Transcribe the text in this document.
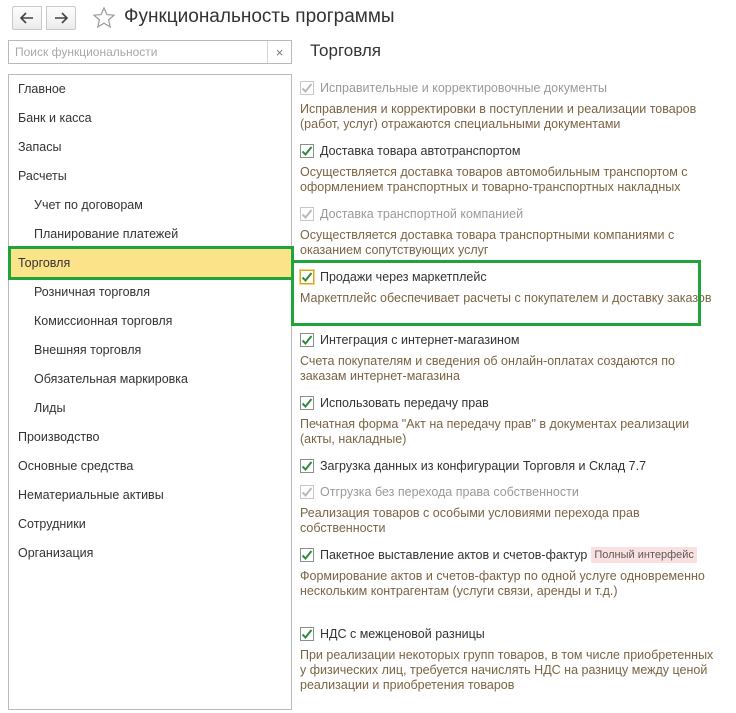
Функциональность программы
Поиск функциональности
×
Главное
Банк и касса
Запасы
Расчеты
Учет по договорам
Планирование платежей
Торговля
Розничная торговля
Комиссионная торговля
Внешняя торговля
Обязательная маркировка
Лиды
Производство
Основные средства
Нематериальные активы
Сотрудники
Организация
Торговля
Исправительные и корректировочные документы
Исправления и корректировки в поступлении и реализации товаров (работ, услуг) отражаются специальными документами
Доставка товара автотранспортом
Осуществляется доставка товаров автомобильным транспортом с оформлением транспортных и товарно-транспортных накладных
Доставка транспортной компанией
Осуществляется доставка товара транспортными компаниями с оказанием сопутствующих услуг
Продажи через маркетплейс
Маркетплейс обеспечивает расчеты с покупателем и доставку заказов
Интеграция с интернет-магазином
Счета покупателям и сведения об онлайн-оплатах создаются по заказам интернет-магазина
Использовать передачу прав
Печатная форма "Акт на передачу прав" в документах реализации (акты, накладные)
Загрузка данных из конфигурации Торговля и Склад 7.7
Отгрузка без перехода права собственности
Реализация товаров с особыми условиями перехода прав собственности
Пакетное выставление актов и счетов-фактур Полный интерфейс
Формирование актов и счетов-фактур по одной услуге одновременно нескольким контрагентам (услуги связи, аренды и т.д.)
НДС с межценовой разницы
При реализации некоторых групп товаров, в том числе приобретенных у физических лиц, требуется начислять НДС на разницу между ценой реализации и приобретения товаров
